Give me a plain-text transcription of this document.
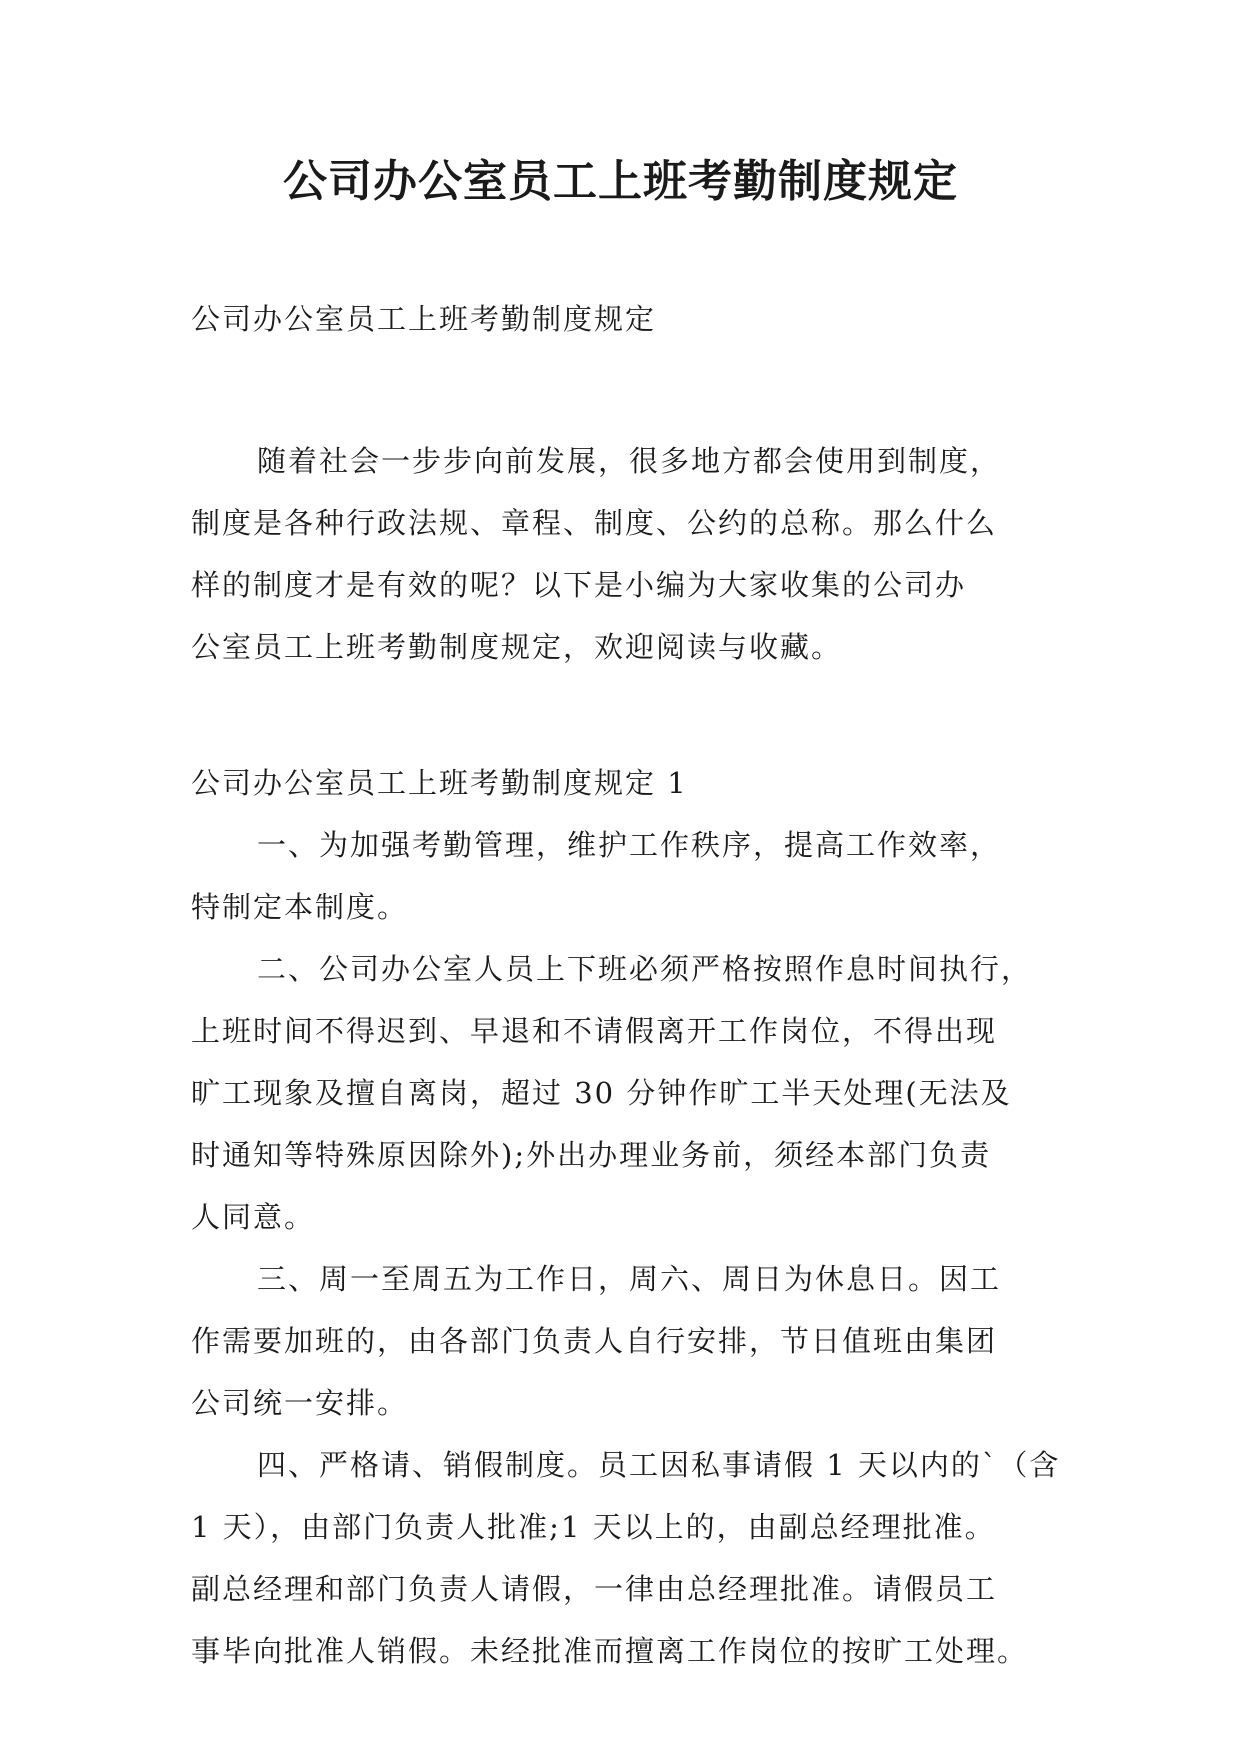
公司办公室员工上班考勤制度规定
公司办公室员工上班考勤制度规定
随着社会一步步向前发展，很多地方都会使用到制度，
制度是各种行政法规、章程、制度、公约的总称。那么什么
样的制度才是有效的呢？以下是小编为大家收集的公司办
公室员工上班考勤制度规定，欢迎阅读与收藏。
公司办公室员工上班考勤制度规定 1
一、为加强考勤管理，维护工作秩序，提高工作效率，
特制定本制度。
二、公司办公室人员上下班必须严格按照作息时间执行，
上班时间不得迟到、早退和不请假离开工作岗位，不得出现
旷工现象及擅自离岗，超过 30 分钟作旷工半天处理(无法及
时通知等特殊原因除外);外出办理业务前，须经本部门负责
人同意。
三、周一至周五为工作日，周六、周日为休息日。因工
作需要加班的，由各部门负责人自行安排，节日值班由集团
公司统一安排。
四、严格请、销假制度。员工因私事请假 1 天以内的`（含
1 天），由部门负责人批准;1 天以上的，由副总经理批准。
副总经理和部门负责人请假，一律由总经理批准。请假员工
事毕向批准人销假。未经批准而擅离工作岗位的按旷工处理。
